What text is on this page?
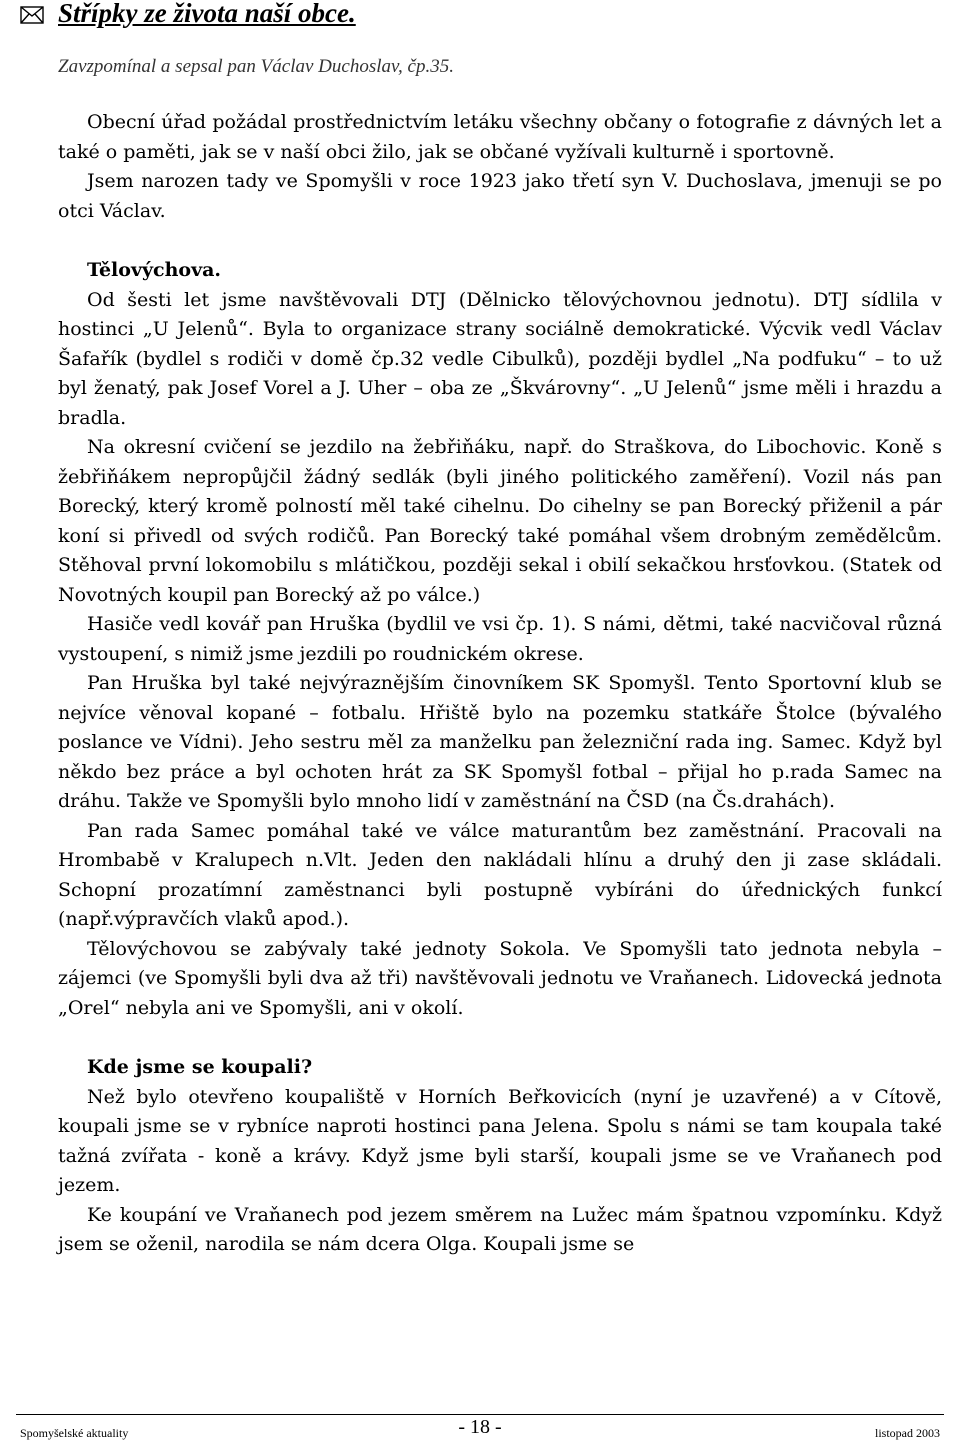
Střípky ze života naší obce.

Zavzpomínal a sepsal pan Václav Duchoslav, čp.35.

Obecní úřad požádal prostřednictvím letáku všechny občany o fotografie z dávných let a také o paměti, jak se v naší obci žilo, jak se občané vyžívali kulturně i sportovně.

Jsem narozen tady ve Spomyšli v roce 1923 jako třetí syn V. Duchoslava, jmenuji se po otci Václav.

Tělovýchova.

Od šesti let jsme navštěvovali DTJ (Dělnicko tělovýchovnou jednotu). DTJ sídlila v hostinci „U Jelenů“. Byla to organizace strany sociálně demokratické. Výcvik vedl Václav Šafařík (bydlel s rodiči v domě čp.32 vedle Cibulků), později bydlel „Na podfuku“ – to už byl ženatý, pak Josef Vorel a J. Uher – oba ze „Škvárovny“. „U Jelenů“ jsme měli i hrazdu a bradla.

Na okresní cvičení se jezdilo na žebřiňáku, např. do Straškova, do Libochovic. Koně s žebřiňákem nepropůjčil žádný sedlák (byli jiného politického zaměření). Vozil nás pan Borecký, který kromě polností měl také cihelnu. Do cihelny se pan Borecký přiženil a pár koní si přivedl od svých rodičů. Pan Borecký také pomáhal všem drobným zemědělcům. Stěhoval první lokomobilu s mlátičkou, později sekal i obilí sekačkou hrsťovkou. (Statek od Novotných koupil pan Borecký až po válce.)

Hasiče vedl kovář pan Hruška (bydlil ve vsi čp. 1). S námi, dětmi, také nacvičoval různá vystoupení, s nimiž jsme jezdili po roudnickém okrese.

Pan Hruška byl také nejvýraznějším činovníkem SK Spomyšl. Tento Sportovní klub se nejvíce věnoval kopané – fotbalu. Hřiště bylo na pozemku statkáře Štolce (bývalého poslance ve Vídni). Jeho sestru měl za manželku pan železniční rada ing. Samec. Když byl někdo bez práce a byl ochoten hrát za SK Spomyšl fotbal – přijal ho p.rada Samec na dráhu. Takže ve Spomyšli bylo mnoho lidí v zaměstnání na ČSD (na Čs.drahách).

Pan rada Samec pomáhal také ve válce maturantům bez zaměstnání. Pracovali na Hrombabě v Kralupech n.Vlt. Jeden den nakládali hlínu a druhý den ji zase skládali. Schopní prozatímní zaměstnanci byli postupně vybíráni do úřednických funkcí (např.výpravčích vlaků apod.).

Tělovýchovou se zabývaly také jednoty Sokola. Ve Spomyšli tato jednota nebyla – zájemci (ve Spomyšli byli dva až tři) navštěvovali jednotu ve Vraňanech. Lidovecká jednota „Orel“ nebyla ani ve Spomyšli, ani v okolí.

Kde jsme se koupali?

Než bylo otevřeno koupaliště v Horních Beřkovicích (nyní je uzavřené) a v Cítově, koupali jsme se v rybníce naproti hostinci pana Jelena. Spolu s námi se tam koupala také tažná zvířata - koně a krávy. Když jsme byli starší, koupali jsme se ve Vraňanech pod jezem.

Ke koupání ve Vraňanech pod jezem směrem na Lužec mám špatnou vzpomínku. Když jsem se oženil, narodila se nám dcera Olga. Koupali jsme se

Spomyšelské aktuality	- 18 -	listopad 2003
